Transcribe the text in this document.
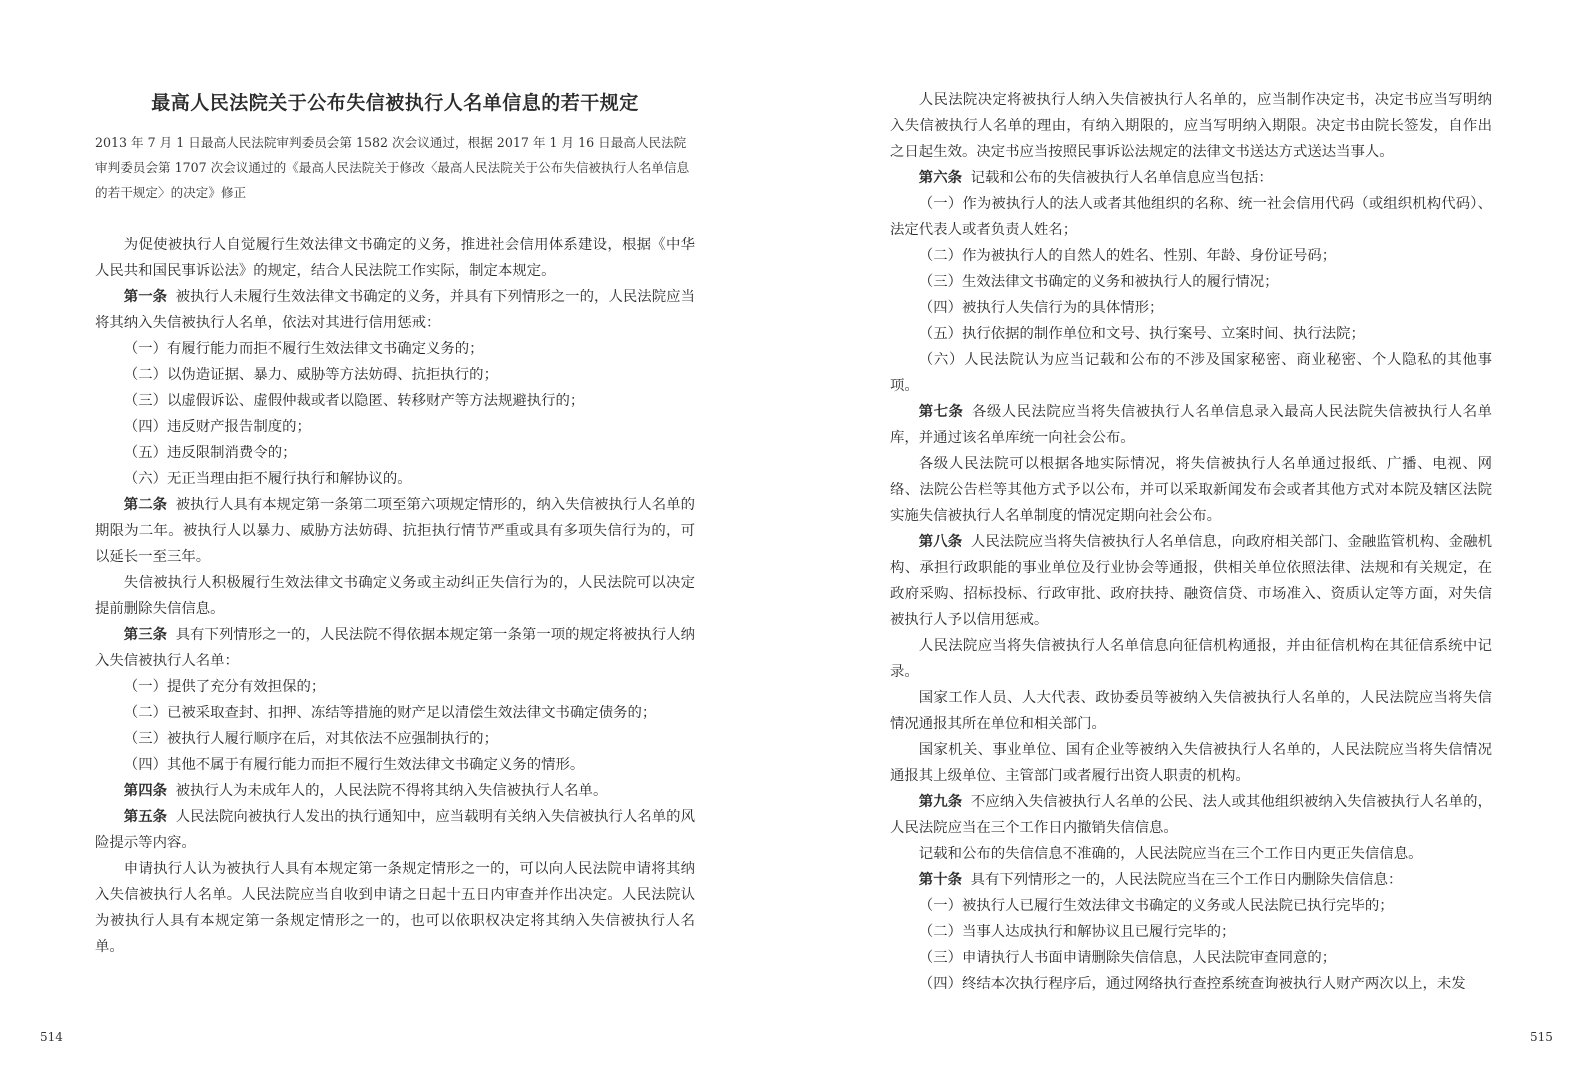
最高人民法院关于公布失信被执行人名单信息的若干规定
2013 年 7 月 1 日最高人民法院审判委员会第 1582 次会议通过，根据 2017 年 1 月 16 日最高人民法院审判委员会第 1707 次会议通过的《最高人民法院关于修改〈最高人民法院关于公布失信被执行人名单信息的若干规定〉的决定》修正

为促使被执行人自觉履行生效法律文书确定的义务，推进社会信用体系建设，根据《中华人民共和国民事诉讼法》的规定，结合人民法院工作实际，制定本规定。

第一条 被执行人未履行生效法律文书确定的义务，并具有下列情形之一的，人民法院应当将其纳入失信被执行人名单，依法对其进行信用惩戒：

（一）有履行能力而拒不履行生效法律文书确定义务的；

（二）以伪造证据、暴力、威胁等方法妨碍、抗拒执行的；

（三）以虚假诉讼、虚假仲裁或者以隐匿、转移财产等方法规避执行的；

（四）违反财产报告制度的；

（五）违反限制消费令的；

（六）无正当理由拒不履行执行和解协议的。

第二条 被执行人具有本规定第一条第二项至第六项规定情形的，纳入失信被执行人名单的期限为二年。被执行人以暴力、威胁方法妨碍、抗拒执行情节严重或具有多项失信行为的，可以延长一至三年。

失信被执行人积极履行生效法律文书确定义务或主动纠正失信行为的，人民法院可以决定提前删除失信信息。

第三条 具有下列情形之一的，人民法院不得依据本规定第一条第一项的规定将被执行人纳入失信被执行人名单：

（一）提供了充分有效担保的；

（二）已被采取查封、扣押、冻结等措施的财产足以清偿生效法律文书确定债务的；

（三）被执行人履行顺序在后，对其依法不应强制执行的；

（四）其他不属于有履行能力而拒不履行生效法律文书确定义务的情形。

第四条 被执行人为未成年人的，人民法院不得将其纳入失信被执行人名单。

第五条 人民法院向被执行人发出的执行通知中，应当载明有关纳入失信被执行人名单的风险提示等内容。

申请执行人认为被执行人具有本规定第一条规定情形之一的，可以向人民法院申请将其纳入失信被执行人名单。人民法院应当自收到申请之日起十五日内审查并作出决定。人民法院认为被执行人具有本规定第一条规定情形之一的，也可以依职权决定将其纳入失信被执行人名单。

人民法院决定将被执行人纳入失信被执行人名单的，应当制作决定书，决定书应当写明纳入失信被执行人名单的理由，有纳入期限的，应当写明纳入期限。决定书由院长签发，自作出之日起生效。决定书应当按照民事诉讼法规定的法律文书送达方式送达当事人。

第六条 记载和公布的失信被执行人名单信息应当包括：

（一）作为被执行人的法人或者其他组织的名称、统一社会信用代码（或组织机构代码）、法定代表人或者负责人姓名；

（二）作为被执行人的自然人的姓名、性别、年龄、身份证号码；

（三）生效法律文书确定的义务和被执行人的履行情况；

（四）被执行人失信行为的具体情形；

（五）执行依据的制作单位和文号、执行案号、立案时间、执行法院；

（六）人民法院认为应当记载和公布的不涉及国家秘密、商业秘密、个人隐私的其他事项。

第七条 各级人民法院应当将失信被执行人名单信息录入最高人民法院失信被执行人名单库，并通过该名单库统一向社会公布。

各级人民法院可以根据各地实际情况，将失信被执行人名单通过报纸、广播、电视、网络、法院公告栏等其他方式予以公布，并可以采取新闻发布会或者其他方式对本院及辖区法院实施失信被执行人名单制度的情况定期向社会公布。

第八条 人民法院应当将失信被执行人名单信息，向政府相关部门、金融监管机构、金融机构、承担行政职能的事业单位及行业协会等通报，供相关单位依照法律、法规和有关规定，在政府采购、招标投标、行政审批、政府扶持、融资信贷、市场准入、资质认定等方面，对失信被执行人予以信用惩戒。

人民法院应当将失信被执行人名单信息向征信机构通报，并由征信机构在其征信系统中记录。

国家工作人员、人大代表、政协委员等被纳入失信被执行人名单的，人民法院应当将失信情况通报其所在单位和相关部门。

国家机关、事业单位、国有企业等被纳入失信被执行人名单的，人民法院应当将失信情况通报其上级单位、主管部门或者履行出资人职责的机构。

第九条 不应纳入失信被执行人名单的公民、法人或其他组织被纳入失信被执行人名单的，人民法院应当在三个工作日内撤销失信信息。

记载和公布的失信信息不准确的，人民法院应当在三个工作日内更正失信信息。

第十条 具有下列情形之一的，人民法院应当在三个工作日内删除失信信息：

（一）被执行人已履行生效法律文书确定的义务或人民法院已执行完毕的；

（二）当事人达成执行和解协议且已履行完毕的；

（三）申请执行人书面申请删除失信信息，人民法院审查同意的；

（四）终结本次执行程序后，通过网络执行查控系统查询被执行人财产两次以上，未发

514	515
